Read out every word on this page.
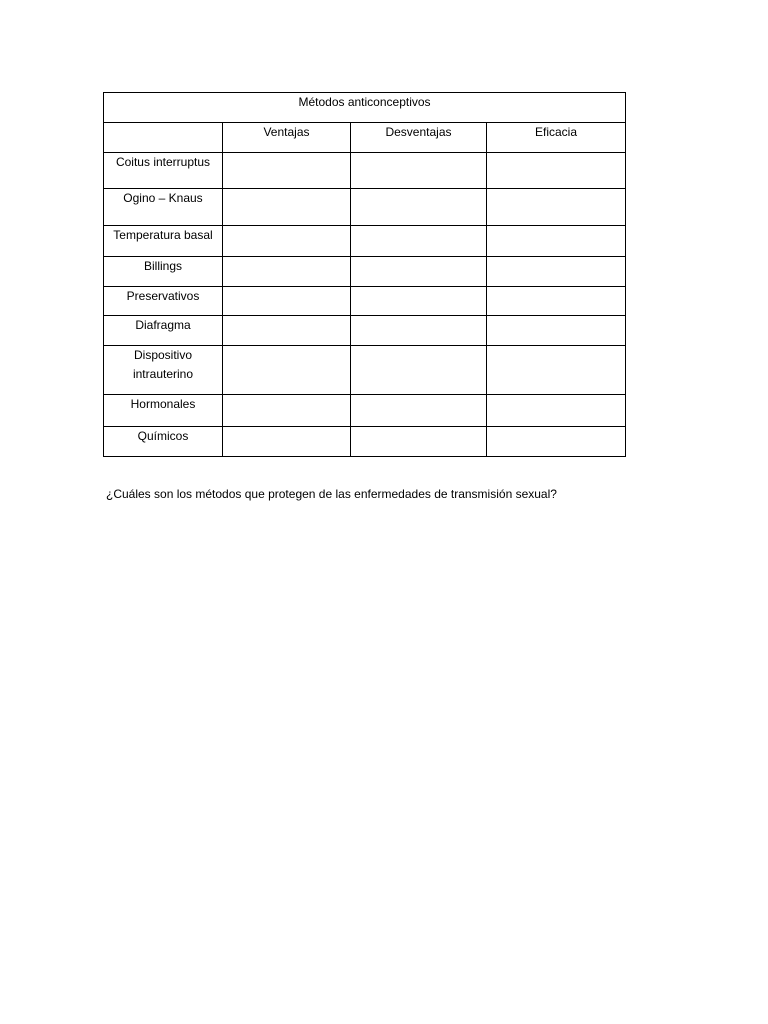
Métodos anticonceptivos			
	Ventajas	Desventajas	Eficacia
Coitus interruptus			
Ogino – Knaus			
Temperatura basal			
Billings			
Preservativos			
Diafragma			
Dispositivo intrauterino			
Hormonales			
Químicos			
¿Cuáles son los métodos que protegen de las enfermedades de transmisión sexual?
